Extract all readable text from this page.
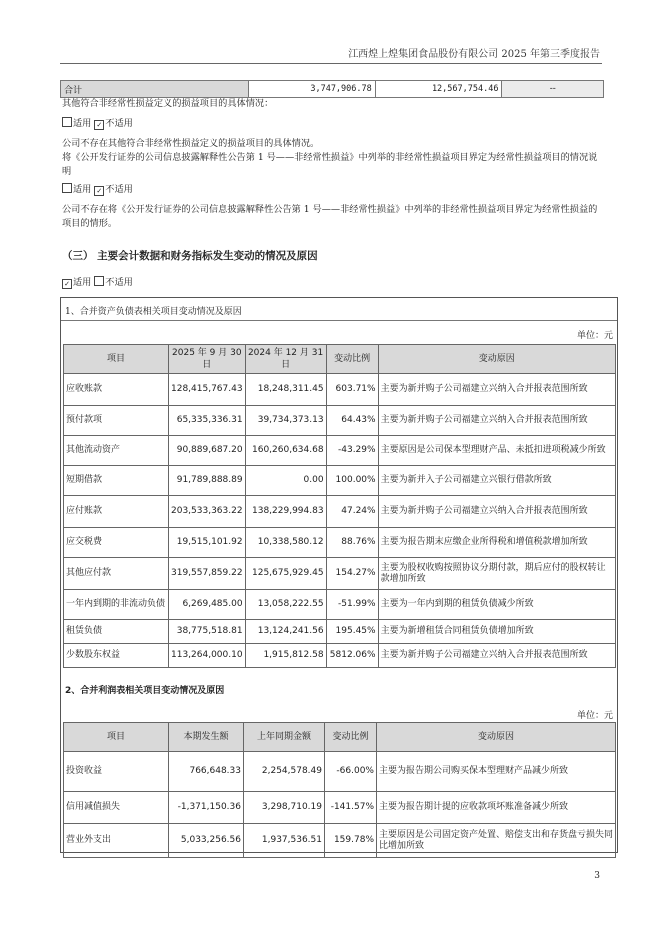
江西煌上煌集团食品股份有限公司 2025 年第三季度报告
合计	3,747,906.78	12,567,754.46	--
其他符合非经常性损益定义的损益项目的具体情况：
适用 ✓ 不适用
公司不存在其他符合非经常性损益定义的损益项目的具体情况。
将《公开发行证券的公司信息披露解释性公告第 1 号——非经常性损益》中列举的非经常性损益项目界定为经常性损益项目的情况说明
适用 ✓ 不适用
公司不存在将《公开发行证券的公司信息披露解释性公告第 1 号——非经常性损益》中列举的非经常性损益项目界定为经常性损益的项目的情形。
（三） 主要会计数据和财务指标发生变动的情况及原因
✓ 适用 不适用
1、合并资产负债表相关项目变动情况及原因
单位：元
项目	2025 年 9 月 30 日	2024 年 12 月 31 日	变动比例	变动原因
应收账款	128,415,767.43	18,248,311.45	603.71%	主要为新并购子公司福建立兴纳入合并报表范围所致
预付款项	65,335,336.31	39,734,373.13	64.43%	主要为新并购子公司福建立兴纳入合并报表范围所致
其他流动资产	90,889,687.20	160,260,634.68	-43.29%	主要原因是公司保本型理财产品、未抵扣进项税减少所致
短期借款	91,789,888.89	0.00	100.00%	主要为新并入子公司福建立兴银行借款所致
应付账款	203,533,363.22	138,229,994.83	47.24%	主要为新并购子公司福建立兴纳入合并报表范围所致
应交税费	19,515,101.92	10,338,580.12	88.76%	主要为报告期末应缴企业所得税和增值税款增加所致
其他应付款	319,557,859.22	125,675,929.45	154.27%	主要为股权收购按照协议分期付款，期后应付的股权转让款增加所致
一年内到期的非流动负债	6,269,485.00	13,058,222.55	-51.99%	主要为一年内到期的租赁负债减少所致
租赁负债	38,775,518.81	13,124,241.56	195.45%	主要为新增租赁合同租赁负债增加所致
少数股东权益	113,264,000.10	1,915,812.58	5812.06%	主要为新并购子公司福建立兴纳入合并报表范围所致
2、合并利润表相关项目变动情况及原因
单位：元
项目	本期发生额	上年同期金额	变动比例	变动原因
投资收益	766,648.33	2,254,578.49	-66.00%	主要为报告期公司购买保本型理财产品减少所致
信用减值损失	-1,371,150.36	3,298,710.19	-141.57%	主要为报告期计提的应收款项坏账准备减少所致
营业外支出	5,033,256.56	1,937,536.51	159.78%	主要原因是公司固定资产处置、赔偿支出和存货盘亏损失同比增加所致
3
